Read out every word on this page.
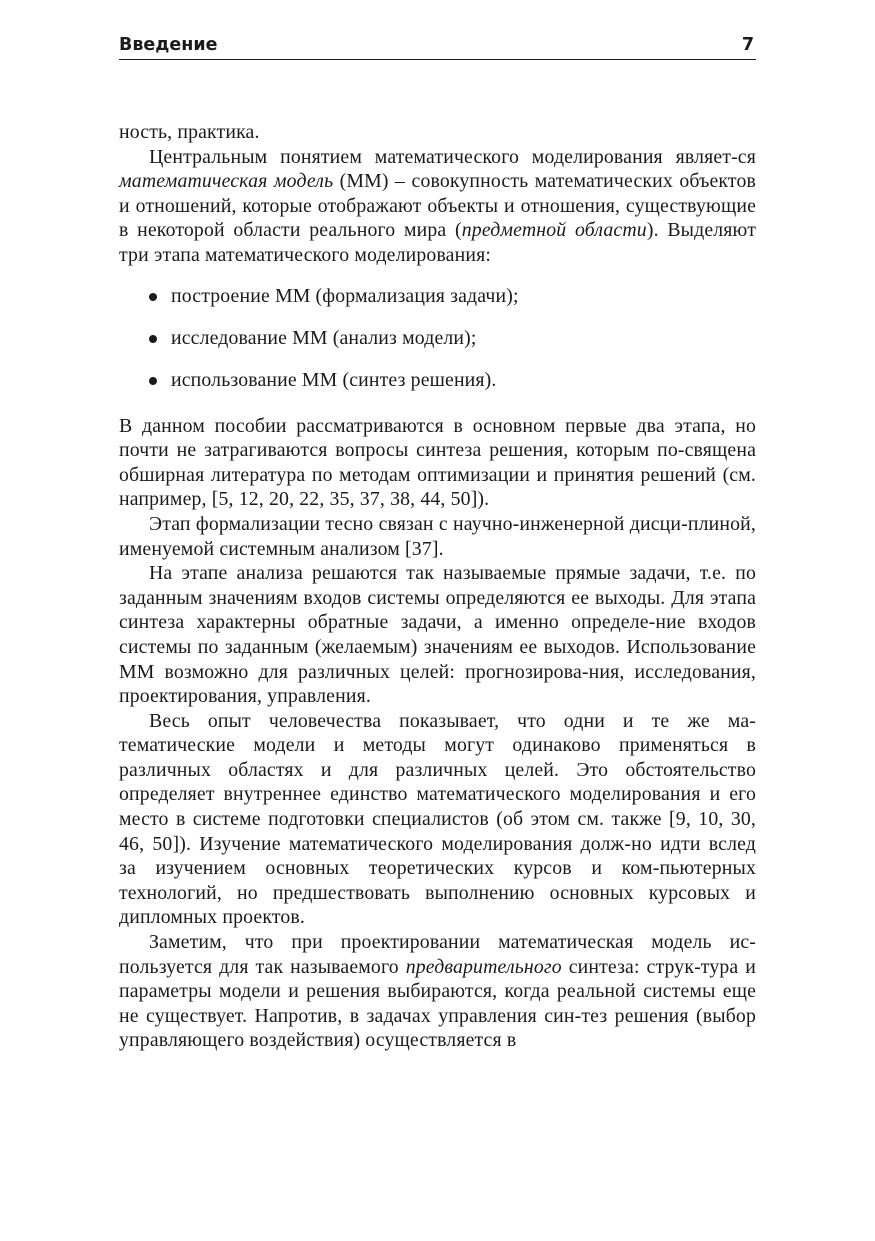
Введение	7

ность, практика.

Центральным понятием математического моделирования являет-ся математическая модель (ММ) – совокупность математических объектов и отношений, которые отображают объекты и отношения, существующие в некоторой области реального мира (предметной области). Выделяют три этапа математического моделирования:

построение ММ (формализация задачи);
исследование ММ (анализ модели);
использование ММ (синтез решения).

В данном пособии рассматриваются в основном первые два этапа, но почти не затрагиваются вопросы синтеза решения, которым по-священа обширная литература по методам оптимизации и принятия решений (см. например, [5, 12, 20, 22, 35, 37, 38, 44, 50]).

Этап формализации тесно связан с научно-инженерной дисци-плиной, именуемой системным анализом [37].

На этапе анализа решаются так называемые прямые задачи, т.е. по заданным значениям входов системы определяются ее выходы. Для этапа синтеза характерны обратные задачи, а именно определе-ние входов системы по заданным (желаемым) значениям ее выходов. Использование ММ возможно для различных целей: прогнозирова-ния, исследования, проектирования, управления.

Весь опыт человечества показывает, что одни и те же ма-тематические модели и методы могут одинаково применяться в различных областях и для различных целей. Это обстоятельство определяет внутреннее единство математического моделирования и его место в системе подготовки специалистов (об этом см. также [9, 10, 30, 46, 50]). Изучение математического моделирования долж-но идти вслед за изучением основных теоретических курсов и ком-пьютерных технологий, но предшествовать выполнению основных курсовых и дипломных проектов.

Заметим, что при проектировании математическая модель ис-пользуется для так называемого предварительного синтеза: струк-тура и параметры модели и решения выбираются, когда реальной системы еще не существует. Напротив, в задачах управления син-тез решения (выбор управляющего воздействия) осуществляется в
